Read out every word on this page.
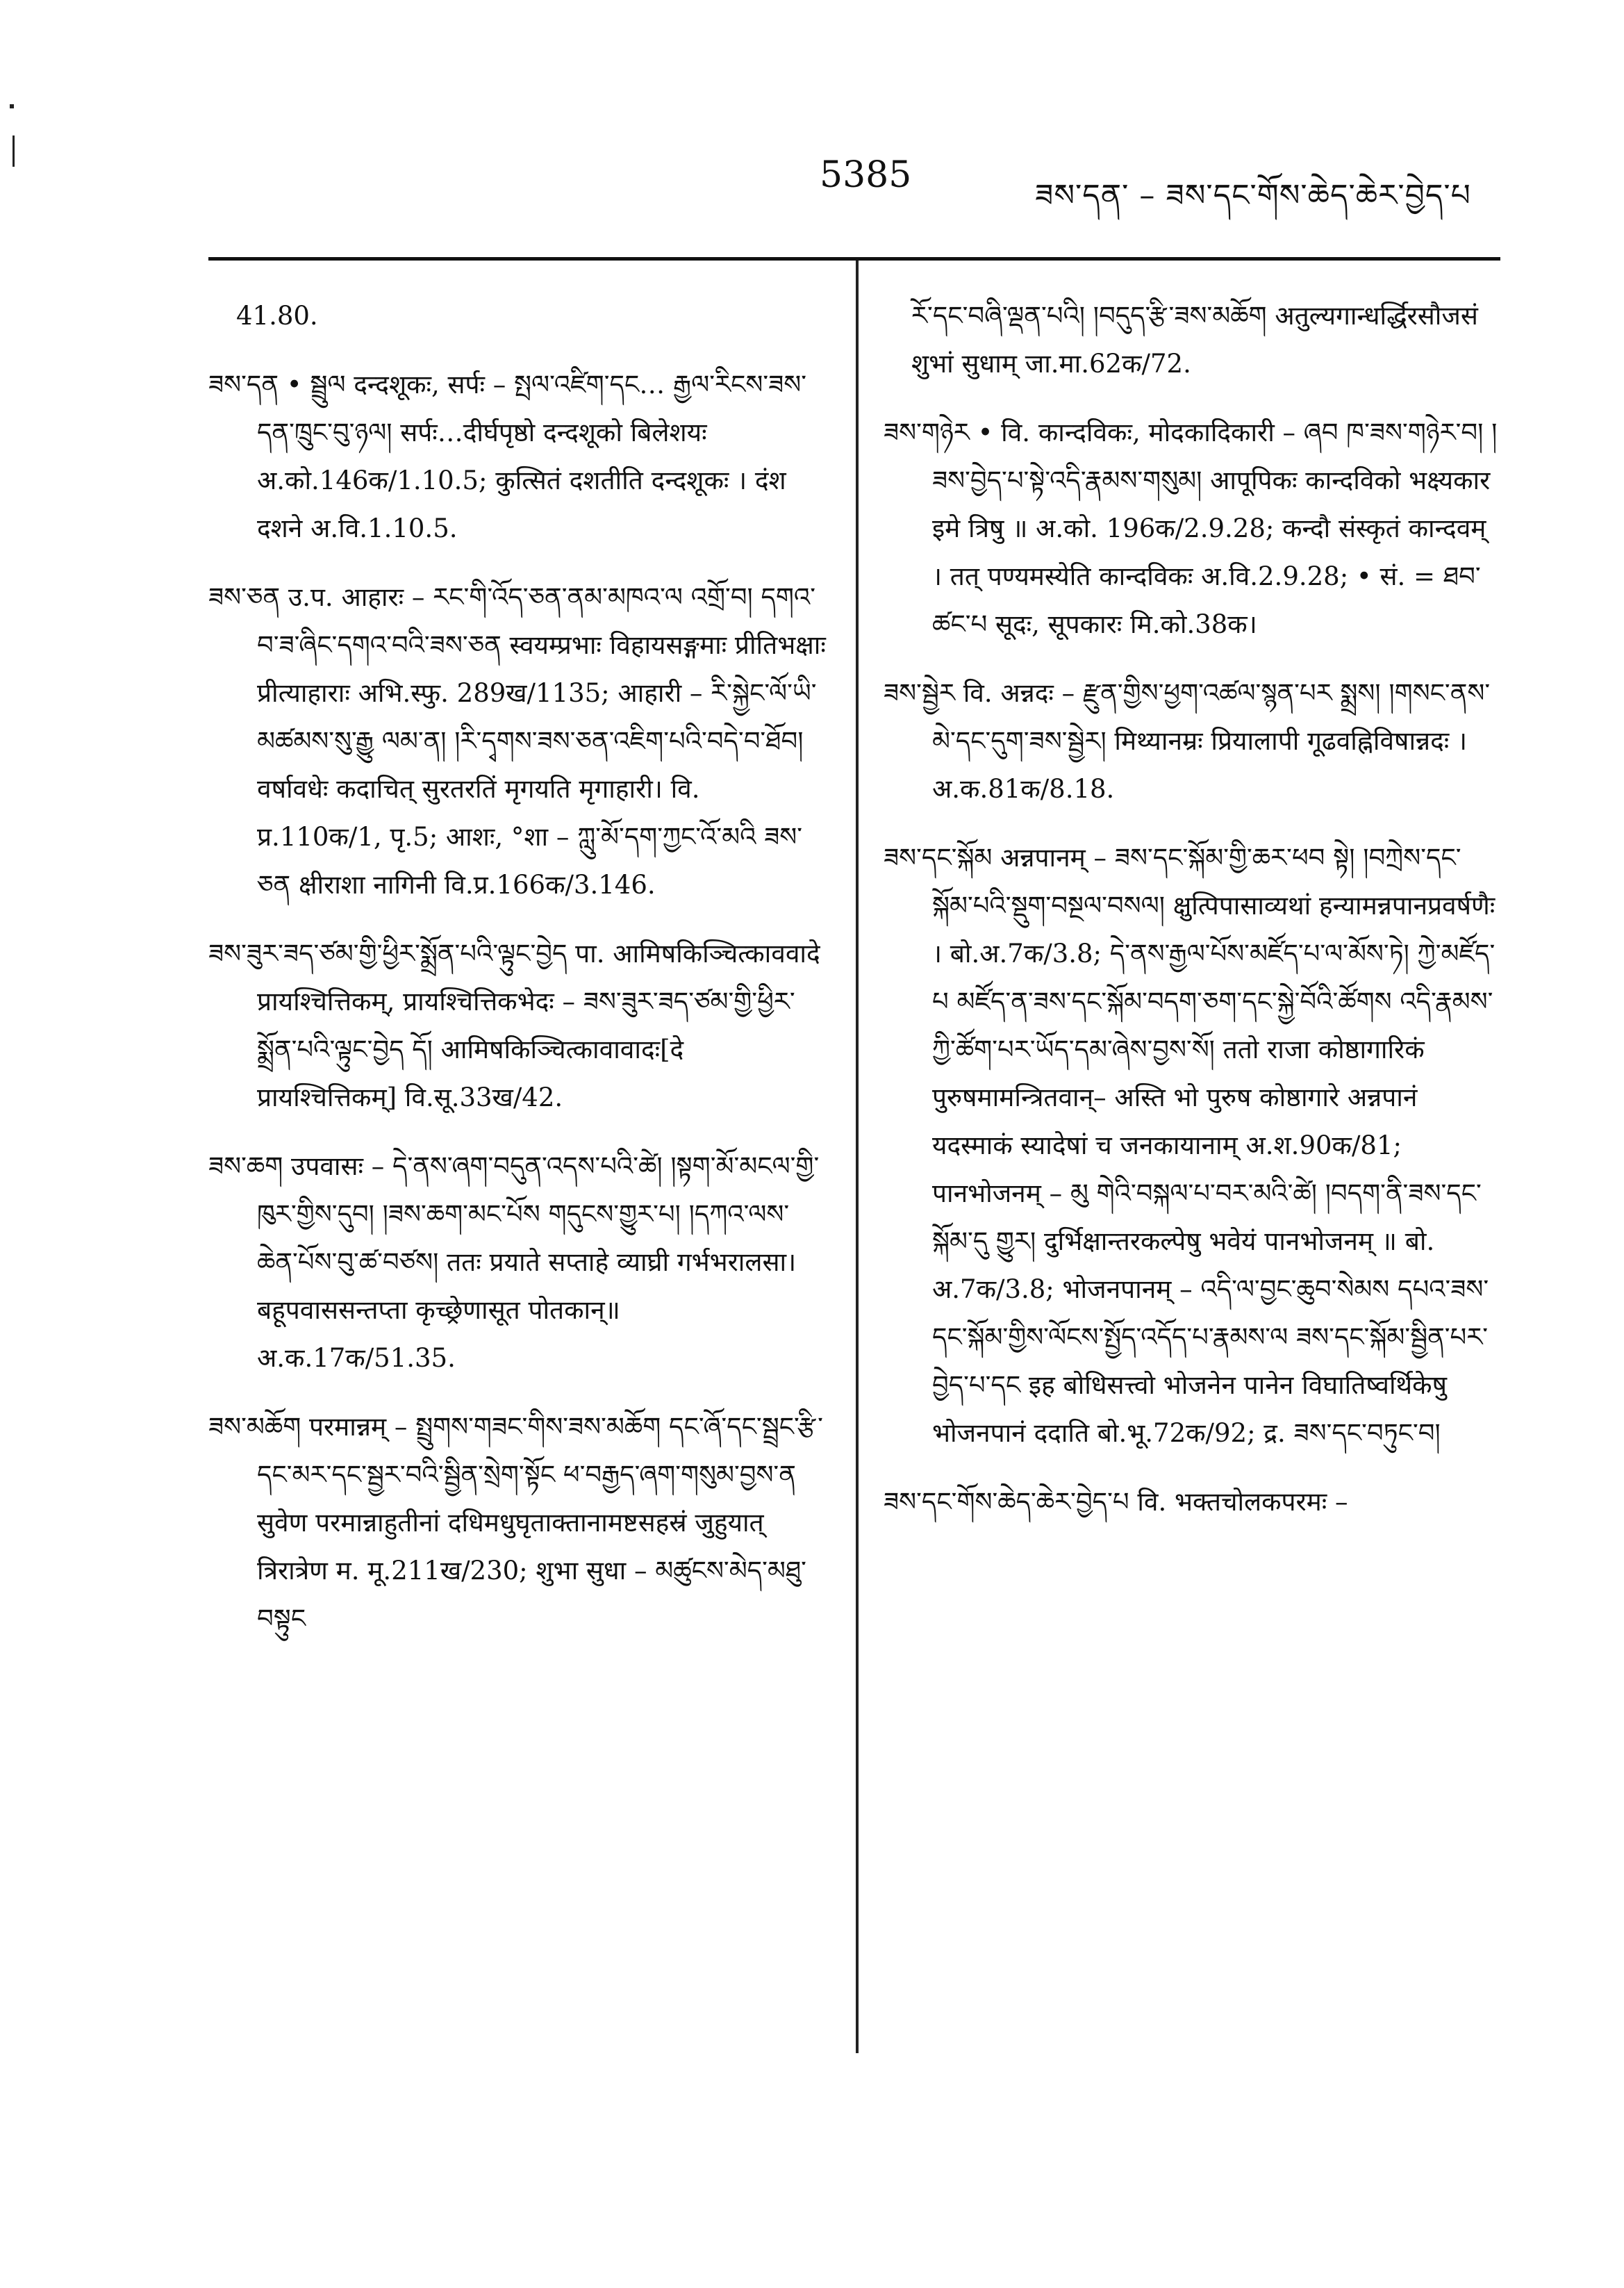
5385	ཟས་དན་ – ཟས་དང་གོས་ཆེད་ཆེར་བྱེད་པ
41.80.

ཟས་དན • སྦྲུལ दन्दशूकः, सर्पः – སྤལ་འཛིག་དང… རྒྱལ་རིངས་ཟས་དན་ཁྲུང་བུ་ཉལ། सर्पः…दीर्घपृष्ठो दन्दशूको बिलेशयः अ.को.146क/1.10.5; कुत्सितं दशतीति दन्दशूकः । दंश दशने अ.वि.1.10.5.

ཟས་ཅན उ.प. आहारः – རང་གི་འོད་ཅན་ནམ་མཁའ་ལ འགྲོ་བ། དགའ་བ་ཟ་ཞིང་དགའ་བའི་ཟས་ཅན स्वयम्प्रभाः विहायसङ्गमाः प्रीतिभक्षाः प्रीत्याहाराः अभि.स्फु. 289ख/1135; आहारी – རི་སྐྱེང་ལོ་ཡི་མཚམས་སུ་རྒྱུ ལམ་ན། །རི་དྭགས་ཟས་ཅན་འཇིག་པའི་བདེ་བ་ཐོབ། वर्षावधेः कदाचित् सुरतरतिं मृगयति मृगाहारी। वि. प्र.110क/1, पृ.5; आशः, °शा – ཀླུ་མོ་དག་ཀྱང་འོ་མའི ཟས་ཅན क्षीराशा नागिनी वि.प्र.166क/3.146.

ཟས་ཟུར་ཟད་ཙམ་གྱི་ཕྱིར་སྨྲོན་པའི་ལྟུང་བྱེད पा. आमिषकिञ्चित्काववादे प्रायश्चित्तिकम्, प्रायश्चित्तिकभेदः – ཟས་ཟུར་ཟད་ཙམ་གྱི་ཕྱིར་སྨྲོན་པའི་ལྟུང་བྱེད དོ། आमिषकिञ्चित्कावावादः[दे प्रायश्चित्तिकम्] वि.सू.33ख/42.

ཟས་ཆག उपवासः – དེ་ནས་ཞག་བདུན་འདས་པའི་ཚེ། །སྟག་མོ་མངལ་གྱི་ཁུར་གྱིས་དུབ། །ཟས་ཆག་མང་པོས གདུངས་གྱུར་པ། །དཀའ་ལས་ཆེན་པོས་བུ་ཚ་བཙས། ततः प्रयाते सप्ताहे व्याघ्री गर्भभरालसा। बहूपवाससन्तप्ता कृच्छ्रेणासूत पोतकान्॥ अ.क.17क/51.35.

ཟས་མཆོག परमान्नम् – སྤྲུགས་གཟང་གིས་ཟས་མཆོག དང་ཞོ་དང་སྦྲང་རྩི་དང་མར་དང་སྦྱར་བའི་སྦྱིན་སྲེག་སྟོང ཕ་བརྒྱད་ཞག་གསུམ་བྱས་ན सुवेण परमान्नाहुतीनां दधिमधुघृताक्तानामष्टसहस्रं जुहुयात् त्रिरात्रेण म. मू.211ख/230; शुभा सुधा – མཚུངས་མེད་མཐུ་བསྟུང

རོ་དང་བཞི་ལྡན་པའི། །བདུད་རྩི་ཟས་མཆོག अतुल्यगान्धर्द्धिरसौजसं शुभां सुधाम् जा.मा.62क/72.

ཟས་གཉེར • वि. कान्दविकः, मोदकादिकारी – ཞབ ཁ་ཟས་གཉེར་བ། །ཟས་བྱེད་པ་སྟེ་འདི་རྣམས་གསུམ། आपूपिकः कान्दविको भक्ष्यकार इमे त्रिषु ॥ अ.को. 196क/2.9.28; कन्दौ संस्कृतं कान्दवम् । तत् पण्यमस्येति कान्दविकः अ.वि.2.9.28; • सं. = ཐབ་ཚང་པ सूदः, सूपकारः मि.को.38क।

ཟས་སྦྱེར वि. अन्नदः – རྫུན་གྱིས་ཕྱག་འཚལ་སྙན་པར སྨྲས། །གསང་ནས་མེ་དང་དུག་ཟས་སྦྱེར། मिथ्यानम्रः प्रियालापी गूढवह्निविषान्नदः । अ.क.81क/8.18.

ཟས་དང་སྐོམ अन्नपानम् – ཟས་དང་སྐོམ་གྱི་ཆར་ཕབ སྟེ། །བཀྲེས་དང་སྐོམ་པའི་སྡུག་བསྔལ་བསལ། क्षुत्पिपासाव्यथां हन्यामन्नपानप्रवर्षणैः । बो.अ.7क/3.8; དེ་ནས་རྒྱལ་པོས་མཛོད་པ་ལ་མོས་ཏེ། ཀྱེ་མཛོད་པ མཛོད་ན་ཟས་དང་སྐོམ་བདག་ཅག་དང་སྐྱེ་བོའི་ཚོགས འདི་རྣམས་ཀྱི་ཚོག་པར་ཡོད་དམ་ཞེས་བྱས་སོ། ततो राजा कोष्ठागारिकं पुरुषमामन्त्रितवान्– अस्ति भो पुरुष कोष्ठागारे अन्नपानं यदस्माकं स्यादेषां च जनकायानाम् अ.श.90क/81; पानभोजनम् – མུ གེའི་བསྐལ་པ་བར་མའི་ཚེ། །བདག་ནི་ཟས་དང་སྐོམ་དུ གྱུར། दुर्भिक्षान्तरकल्पेषु भवेयं पानभोजनम् ॥ बो. अ.7क/3.8; भोजनपानम् – འདི་ལ་བྱང་ཆུབ་སེམས དཔའ་ཟས་དང་སྐོམ་གྱིས་ལོངས་སྤྱོད་འདོད་པ་རྣམས་ལ ཟས་དང་སྐོམ་སྦྱིན་པར་བྱེད་པ་དང इह बोधिसत्त्वो भोजनेन पानेन विघातिष्वर्थिकेषु भोजनपानं ददाति बो.भू.72क/92; द्र. ཟས་དང་བཏུང་བ།

ཟས་དང་གོས་ཆེད་ཆེར་བྱེད་པ वि. भक्तचोलकपरमः –
